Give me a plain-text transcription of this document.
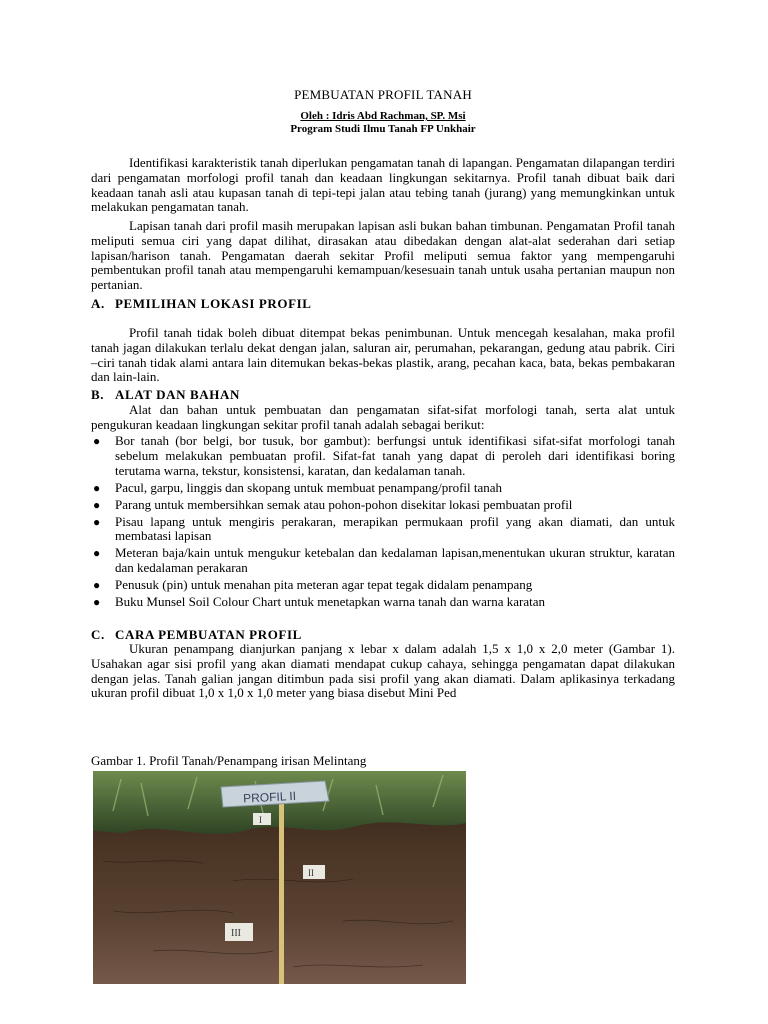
PEMBUATAN PROFIL TANAH
Oleh : Idris Abd Rachman, SP. Msi
Program Studi Ilmu Tanah FP Unkhair

Identifikasi karakteristik tanah diperlukan pengamatan tanah di lapangan. Pengamatan dilapangan terdiri dari pengamatan morfologi profil tanah dan keadaan lingkungan sekitarnya. Profil tanah dibuat baik dari keadaan tanah asli atau kupasan tanah di tepi-tepi jalan atau tebing tanah (jurang) yang memungkinkan untuk melakukan pengamatan tanah.

Lapisan tanah dari profil masih merupakan lapisan asli bukan bahan timbunan. Pengamatan Profil tanah meliputi semua ciri yang dapat dilihat, dirasakan atau dibedakan dengan alat-alat sederahan dari setiap lapisan/harison tanah. Pengamatan daerah sekitar Profil meliputi semua faktor yang mempengaruhi pembentukan profil tanah atau mempengaruhi kemampuan/kesesuain tanah untuk usaha pertanian maupun non pertanian.

A. PEMILIHAN LOKASI PROFIL

Profil tanah tidak boleh dibuat ditempat bekas penimbunan. Untuk mencegah kesalahan, maka profil tanah jagan dilakukan terlalu dekat dengan jalan, saluran air, perumahan, pekarangan, gedung atau pabrik. Ciri –ciri tanah tidak alami antara lain ditemukan bekas-bekas plastik, arang, pecahan kaca, bata, bekas pembakaran dan lain-lain.

B. ALAT DAN BAHAN

Alat dan bahan untuk pembuatan dan pengamatan sifat-sifat morfologi tanah, serta alat untuk pengukuran keadaan lingkungan sekitar profil tanah adalah sebagai berikut:

● Bor tanah (bor belgi, bor tusuk, bor gambut): berfungsi untuk identifikasi sifat-sifat morfologi tanah sebelum melakukan pembuatan profil. Sifat-fat tanah yang dapat di peroleh dari identifikasi boring terutama warna, tekstur, konsistensi, karatan, dan kedalaman tanah.
● Pacul, garpu, linggis dan skopang untuk membuat penampang/profil tanah
● Parang untuk membersihkan semak atau pohon-pohon disekitar lokasi pembuatan profil
● Pisau lapang untuk mengiris perakaran, merapikan permukaan profil yang akan diamati, dan untuk membatasi lapisan
● Meteran baja/kain untuk mengukur ketebalan dan kedalaman lapisan,menentukan ukuran struktur, karatan dan kedalaman perakaran
● Penusuk (pin) untuk menahan pita meteran agar tepat tegak didalam penampang
● Buku Munsel Soil Colour Chart untuk menetapkan warna tanah dan warna karatan
C. CARA PEMBUATAN PROFIL

Ukuran penampang dianjurkan panjang x lebar x dalam adalah 1,5 x 1,0 x 2,0 meter (Gambar 1). Usahakan agar sisi profil yang akan diamati mendapat cukup cahaya, sehingga pengamatan dapat dilakukan dengan jelas. Tanah galian jangan ditimbun pada sisi profil yang akan diamati. Dalam aplikasinya terkadang ukuran profil dibuat 1,0 x 1,0 x 1,0 meter yang biasa disebut Mini Ped

Gambar 1. Profil Tanah/Penampang irisan Melintang
PROFIL II
I
II
III
